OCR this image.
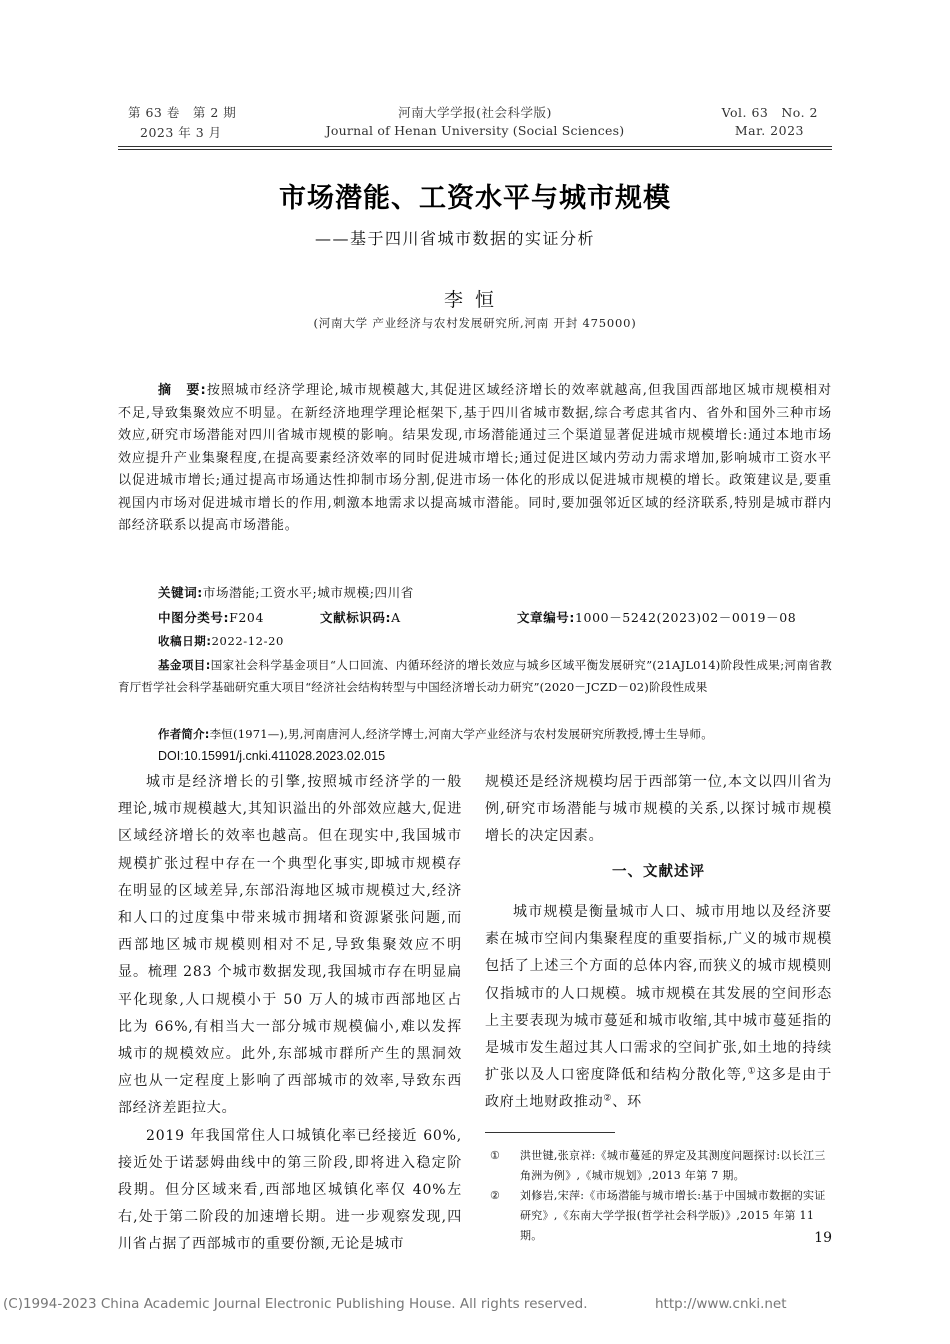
第 63 卷　第 2 期
2023 年 3 月
河南大学学报(社会科学版)
Journal of Henan University (Social Sciences)
Vol. 63　No. 2
Mar. 2023
市场潜能、工资水平与城市规模
——基于四川省城市数据的实证分析
李恒
(河南大学 产业经济与农村发展研究所,河南 开封 475000)
摘　要:按照城市经济学理论,城市规模越大,其促进区域经济增长的效率就越高,但我国西部地区城市规模相对不足,导致集聚效应不明显。在新经济地理学理论框架下,基于四川省城市数据,综合考虑其省内、省外和国外三种市场效应,研究市场潜能对四川省城市规模的影响。结果发现,市场潜能通过三个渠道显著促进城市规模增长:通过本地市场效应提升产业集聚程度,在提高要素经济效率的同时促进城市增长;通过促进区域内劳动力需求增加,影响城市工资水平以促进城市增长;通过提高市场通达性抑制市场分割,促进市场一体化的形成以促进城市规模的增长。政策建议是,要重视国内市场对促进城市增长的作用,刺激本地需求以提高城市潜能。同时,要加强邻近区域的经济联系,特别是城市群内部经济联系以提高市场潜能。
关键词:市场潜能;工资水平;城市规模;四川省
中图分类号:F204	文献标识码:A	文章编号:1000－5242(2023)02－0019－08
收稿日期:2022-12-20
基金项目:国家社会科学基金项目“人口回流、内循环经济的增长效应与城乡区域平衡发展研究”(21AJL014)阶段性成果;河南省教育厅哲学社会科学基础研究重大项目“经济社会结构转型与中国经济增长动力研究”(2020－JCZD－02)阶段性成果
作者简介:李恒(1971—),男,河南唐河人,经济学博士,河南大学产业经济与农村发展研究所教授,博士生导师。
DOI:10.15991/j.cnki.411028.2023.02.015

城市是经济增长的引擎,按照城市经济学的一般理论,城市规模越大,其知识溢出的外部效应越大,促进区域经济增长的效率也越高。但在现实中,我国城市规模扩张过程中存在一个典型化事实,即城市规模存在明显的区域差异,东部沿海地区城市规模过大,经济和人口的过度集中带来城市拥堵和资源紧张问题,而西部地区城市规模则相对不足,导致集聚效应不明显。梳理 283 个城市数据发现,我国城市存在明显扁平化现象,人口规模小于 50 万人的城市西部地区占比为 66%,有相当大一部分城市规模偏小,难以发挥城市的规模效应。此外,东部城市群所产生的黑洞效应也从一定程度上影响了西部城市的效率,导致东西部经济差距拉大。

2019 年我国常住人口城镇化率已经接近 60%,接近处于诺瑟姆曲线中的第三阶段,即将进入稳定阶段期。但分区域来看,西部地区城镇化率仅 40%左右,处于第二阶段的加速增长期。进一步观察发现,四川省占据了西部城市的重要份额,无论是城市

规模还是经济规模均居于西部第一位,本文以四川省为例,研究市场潜能与城市规模的关系,以探讨城市规模增长的决定因素。

一、文献述评

城市规模是衡量城市人口、城市用地以及经济要素在城市空间内集聚程度的重要指标,广义的城市规模包括了上述三个方面的总体内容,而狭义的城市规模则仅指城市的人口规模。城市规模在其发展的空间形态上主要表现为城市蔓延和城市收缩,其中城市蔓延指的是城市发生超过其人口需求的空间扩张,如土地的持续扩张以及人口密度降低和结构分散化等,①这多是由于政府土地财政推动②、环

① 洪世键,张京祥:《城市蔓延的界定及其测度问题探讨:以长江三角洲为例》,《城市规划》,2013 年第 7 期。
② 刘修岩,宋萍:《市场潜能与城市增长:基于中国城市数据的实证研究》,《东南大学学报(哲学社会科学版)》,2015 年第 11 期。	19
(C)1994-2023 China Academic Journal Electronic Publishing House. All rights reserved.	http://www.cnki.net
